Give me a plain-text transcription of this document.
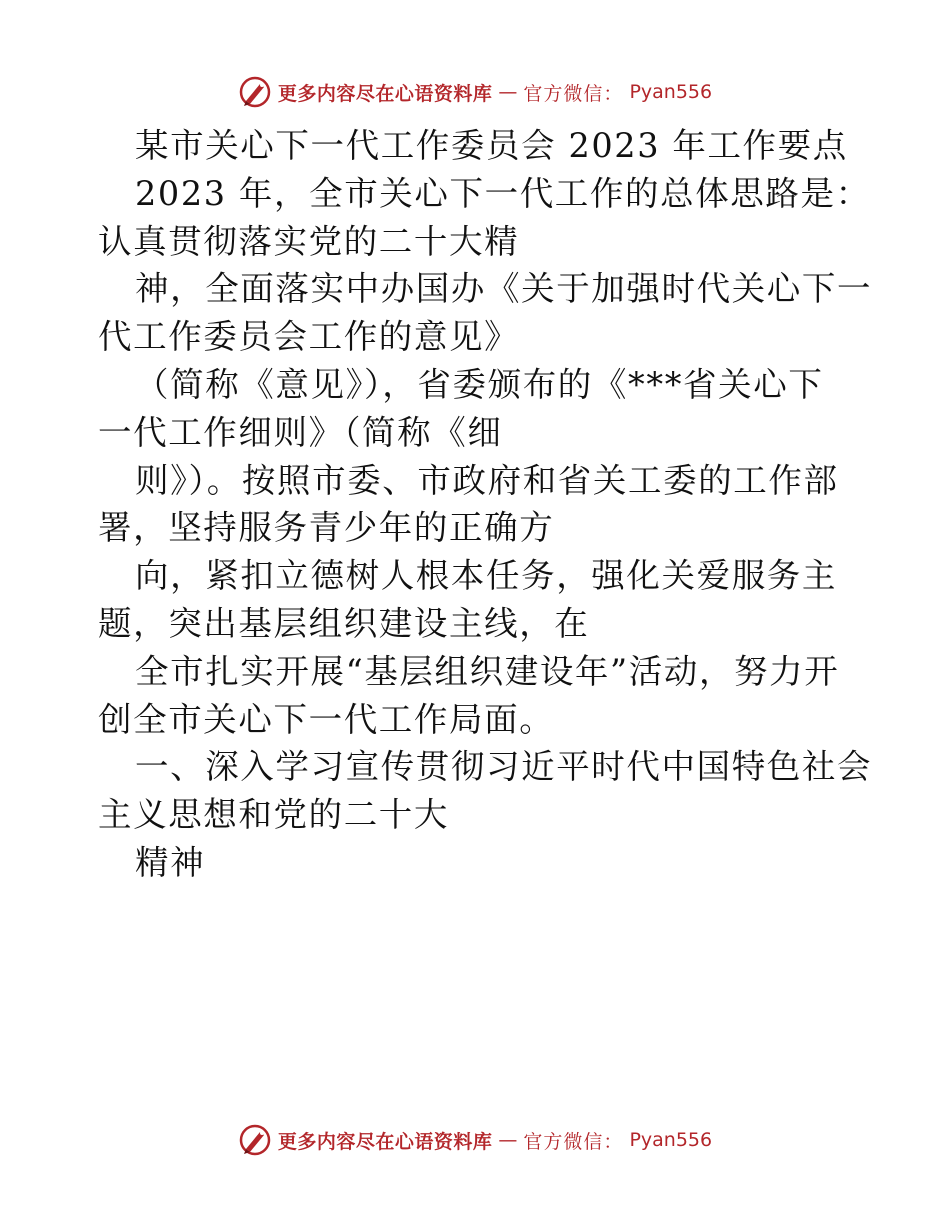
更多内容尽在心语资料库 — 官方微信： Pyan556
某市关心下一代工作委员会 2023 年工作要点
2023 年，全市关心下一代工作的总体思路是：
认真贯彻落实党的二十大精
神，全面落实中办国办《关于加强时代关心下一
代工作委员会工作的意见》
（简称《意见》），省委颁布的《***省关心下
一代工作细则》（简称《细
则》）。按照市委、市政府和省关工委的工作部
署，坚持服务青少年的正确方
向，紧扣立德树人根本任务，强化关爱服务主
题，突出基层组织建设主线，在
全市扎实开展“基层组织建设年”活动，努力开
创全市关心下一代工作局面。
一、深入学习宣传贯彻习近平时代中国特色社会
主义思想和党的二十大
精神
更多内容尽在心语资料库 — 官方微信： Pyan556
